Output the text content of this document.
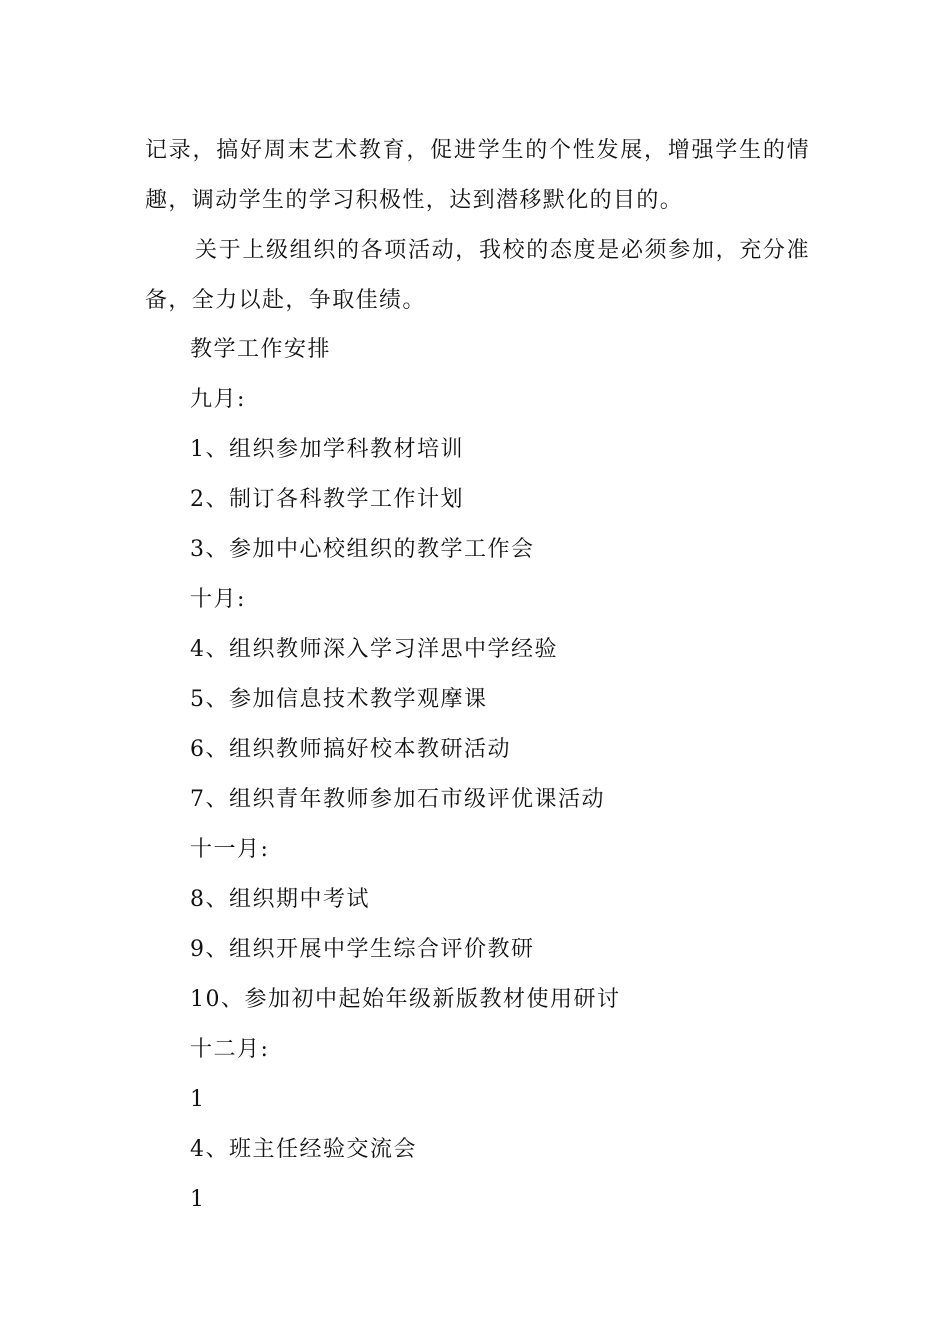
记录，搞好周末艺术教育，促进学生的个性发展，增强学生的情趣，调动学生的学习积极性，达到潜移默化的目的。

关于上级组织的各项活动，我校的态度是必须参加，充分准备，全力以赴，争取佳绩。

教学工作安排

九月:

1、组织参加学科教材培训

2、制订各科教学工作计划

3、参加中心校组织的教学工作会

十月:

4、组织教师深入学习洋思中学经验

5、参加信息技术教学观摩课

6、组织教师搞好校本教研活动

7、组织青年教师参加石市级评优课活动

十一月:

8、组织期中考试

9、组织开展中学生综合评价教研

10、参加初中起始年级新版教材使用研讨

十二月:

1

4、班主任经验交流会

1
